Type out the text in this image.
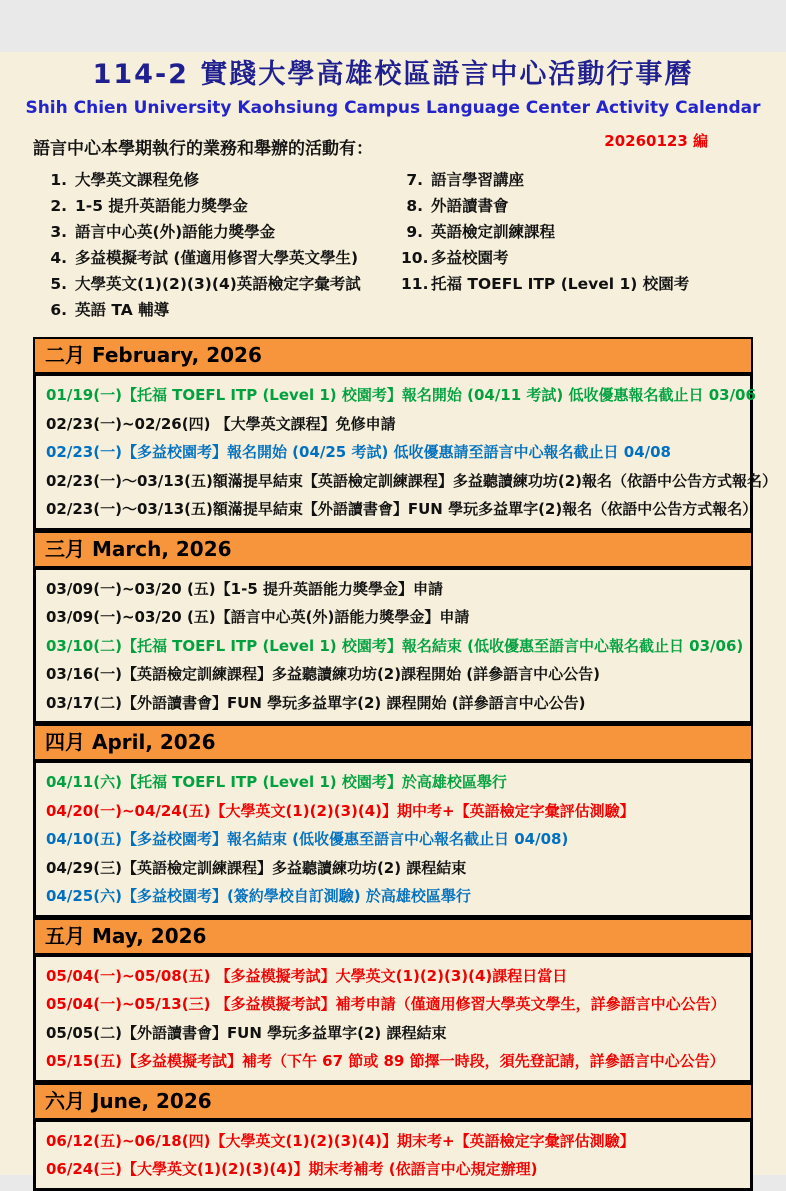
114-2 實踐大學高雄校區語言中心活動行事曆
Shih Chien University Kaohsiung Campus Language Center Activity Calendar
語言中心本學期執行的業務和舉辦的活動有：	20260123 編
1. 大學英文課程免修
2. 1-5 提升英語能力獎學金
3. 語言中心英(外)語能力獎學金
4. 多益模擬考試 (僅適用修習大學英文學生)
5. 大學英文(1)(2)(3)(4)英語檢定字彙考試
6. 英語 TA 輔導
7. 語言學習講座
8. 外語讀書會
9. 英語檢定訓練課程
10. 多益校園考
11. 托福 TOEFL ITP (Level 1) 校園考
二月 February, 2026
01/19(一)【托福 TOEFL ITP (Level 1) 校園考】報名開始 (04/11 考試) 低收優惠報名截止日 03/06
02/23(一)~02/26(四) 【大學英文課程】免修申請
02/23(一)【多益校園考】報名開始 (04/25 考試) 低收優惠請至語言中心報名截止日 04/08
02/23(一)～03/13(五)額滿提早結束【英語檢定訓練課程】多益聽讀練功坊(2)報名（依語中公告方式報名）
02/23(一)～03/13(五)額滿提早結束【外語讀書會】FUN 學玩多益單字(2)報名（依語中公告方式報名）
三月 March, 2026
03/09(一)~03/20 (五)【1-5 提升英語能力獎學金】申請
03/09(一)~03/20 (五)【語言中心英(外)語能力獎學金】申請
03/10(二)【托福 TOEFL ITP (Level 1) 校園考】報名結束 (低收優惠至語言中心報名截止日 03/06)
03/16(一)【英語檢定訓練課程】多益聽讀練功坊(2)課程開始 (詳參語言中心公告)
03/17(二)【外語讀書會】FUN 學玩多益單字(2) 課程開始 (詳參語言中心公告)
四月 April, 2026
04/11(六)【托福 TOEFL ITP (Level 1) 校園考】於高雄校區舉行
04/20(一)~04/24(五)【大學英文(1)(2)(3)(4)】期中考+【英語檢定字彙評估測驗】
04/10(五)【多益校園考】報名結束 (低收優惠至語言中心報名截止日 04/08)
04/29(三)【英語檢定訓練課程】多益聽讀練功坊(2) 課程結束
04/25(六)【多益校園考】(簽約學校自訂測驗) 於高雄校區舉行
五月 May, 2026
05/04(一)~05/08(五) 【多益模擬考試】大學英文(1)(2)(3)(4)課程日當日
05/04(一)~05/13(三) 【多益模擬考試】補考申請（僅適用修習大學英文學生，詳參語言中心公告）
05/05(二)【外語讀書會】FUN 學玩多益單字(2) 課程結束
05/15(五)【多益模擬考試】補考（下午 67 節或 89 節擇一時段，須先登記請，詳參語言中心公告）
六月 June, 2026
06/12(五)~06/18(四)【大學英文(1)(2)(3)(4)】期末考+【英語檢定字彙評估測驗】
06/24(三)【大學英文(1)(2)(3)(4)】期末考補考 (依語言中心規定辦理)
